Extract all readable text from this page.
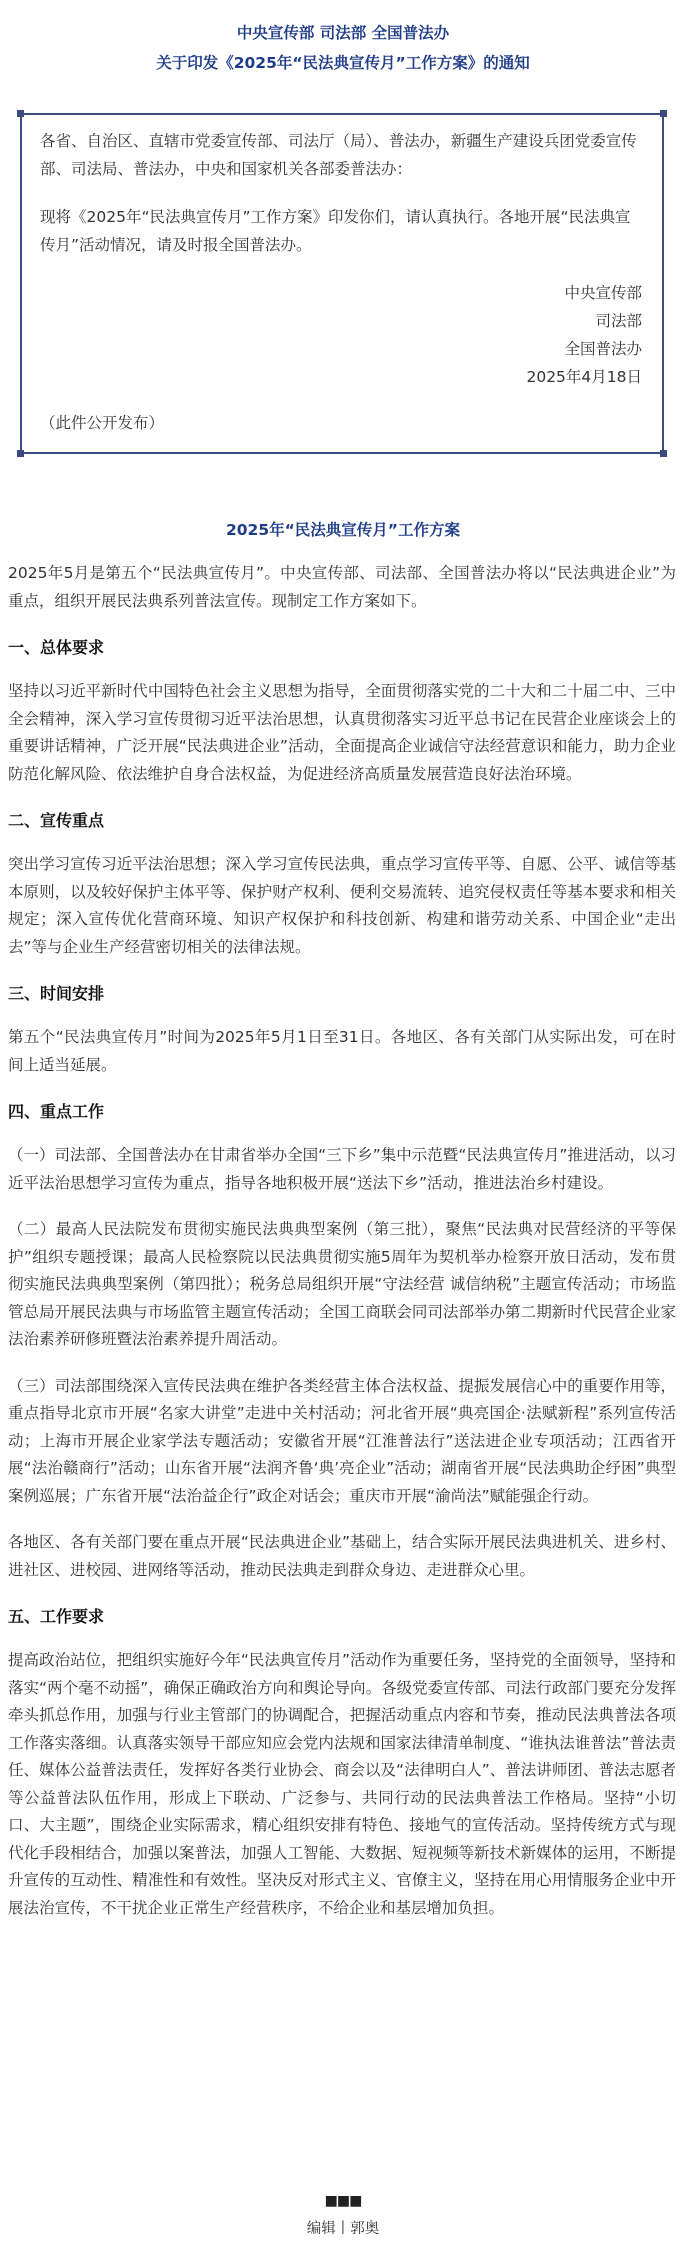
中央宣传部 司法部 全国普法办
关于印发《2025年“民法典宣传月”工作方案》的通知

各省、自治区、直辖市党委宣传部、司法厅（局）、普法办，新疆生产建设兵团党委宣传部、司法局、普法办，中央和国家机关各部委普法办：

现将《2025年“民法典宣传月”工作方案》印发你们，请认真执行。各地开展“民法典宣传月”活动情况，请及时报全国普法办。

中央宣传部

司法部

全国普法办

2025年4月18日

（此件公开发布）

2025年“民法典宣传月”工作方案

2025年5月是第五个“民法典宣传月”。中央宣传部、司法部、全国普法办将以“民法典进企业”为重点，组织开展民法典系列普法宣传。现制定工作方案如下。

一、总体要求

坚持以习近平新时代中国特色社会主义思想为指导，全面贯彻落实党的二十大和二十届二中、三中全会精神，深入学习宣传贯彻习近平法治思想，认真贯彻落实习近平总书记在民营企业座谈会上的重要讲话精神，广泛开展“民法典进企业”活动，全面提高企业诚信守法经营意识和能力，助力企业防范化解风险、依法维护自身合法权益，为促进经济高质量发展营造良好法治环境。

二、宣传重点

突出学习宣传习近平法治思想；深入学习宣传民法典，重点学习宣传平等、自愿、公平、诚信等基本原则，以及较好保护主体平等、保护财产权利、便利交易流转、追究侵权责任等基本要求和相关规定；深入宣传优化营商环境、知识产权保护和科技创新、构建和谐劳动关系、中国企业“走出去”等与企业生产经营密切相关的法律法规。

三、时间安排

第五个“民法典宣传月”时间为2025年5月1日至31日。各地区、各有关部门从实际出发，可在时间上适当延展。

四、重点工作

（一）司法部、全国普法办在甘肃省举办全国“三下乡”集中示范暨“民法典宣传月”推进活动，以习近平法治思想学习宣传为重点，指导各地积极开展“送法下乡”活动，推进法治乡村建设。

（二）最高人民法院发布贯彻实施民法典典型案例（第三批），聚焦“民法典对民营经济的平等保护”组织专题授课；最高人民检察院以民法典贯彻实施5周年为契机举办检察开放日活动，发布贯彻实施民法典典型案例（第四批）；税务总局组织开展“守法经营 诚信纳税”主题宣传活动；市场监管总局开展民法典与市场监管主题宣传活动；全国工商联会同司法部举办第二期新时代民营企业家法治素养研修班暨法治素养提升周活动。

（三）司法部围绕深入宣传民法典在维护各类经营主体合法权益、提振发展信心中的重要作用等，重点指导北京市开展“名家大讲堂”走进中关村活动；河北省开展“典亮国企·法赋新程”系列宣传活动；上海市开展企业家学法专题活动；安徽省开展“江淮普法行”送法进企业专项活动；江西省开展“法治赣商行”活动；山东省开展“法润齐鲁‘典’亮企业”活动；湖南省开展“民法典助企纾困”典型案例巡展；广东省开展“法治益企行”政企对话会；重庆市开展“渝尚法”赋能强企行动。

各地区、各有关部门要在重点开展“民法典进企业”基础上，结合实际开展民法典进机关、进乡村、进社区、进校园、进网络等活动，推动民法典走到群众身边、走进群众心里。

五、工作要求

提高政治站位，把组织实施好今年“民法典宣传月”活动作为重要任务，坚持党的全面领导，坚持和落实“两个毫不动摇”，确保正确政治方向和舆论导向。各级党委宣传部、司法行政部门要充分发挥牵头抓总作用，加强与行业主管部门的协调配合，把握活动重点内容和节奏，推动民法典普法各项工作落实落细。认真落实领导干部应知应会党内法规和国家法律清单制度、“谁执法谁普法”普法责任、媒体公益普法责任，发挥好各类行业协会、商会以及“法律明白人”、普法讲师团、普法志愿者等公益普法队伍作用，形成上下联动、广泛参与、共同行动的民法典普法工作格局。坚持“小切口、大主题”，围绕企业实际需求，精心组织安排有特色、接地气的宣传活动。坚持传统方式与现代化手段相结合，加强以案普法，加强人工智能、大数据、短视频等新技术新媒体的运用，不断提升宣传的互动性、精准性和有效性。坚决反对形式主义、官僚主义，坚持在用心用情服务企业中开展法治宣传，不干扰企业正常生产经营秩序，不给企业和基层增加负担。

■■■
编辑丨郭奥
